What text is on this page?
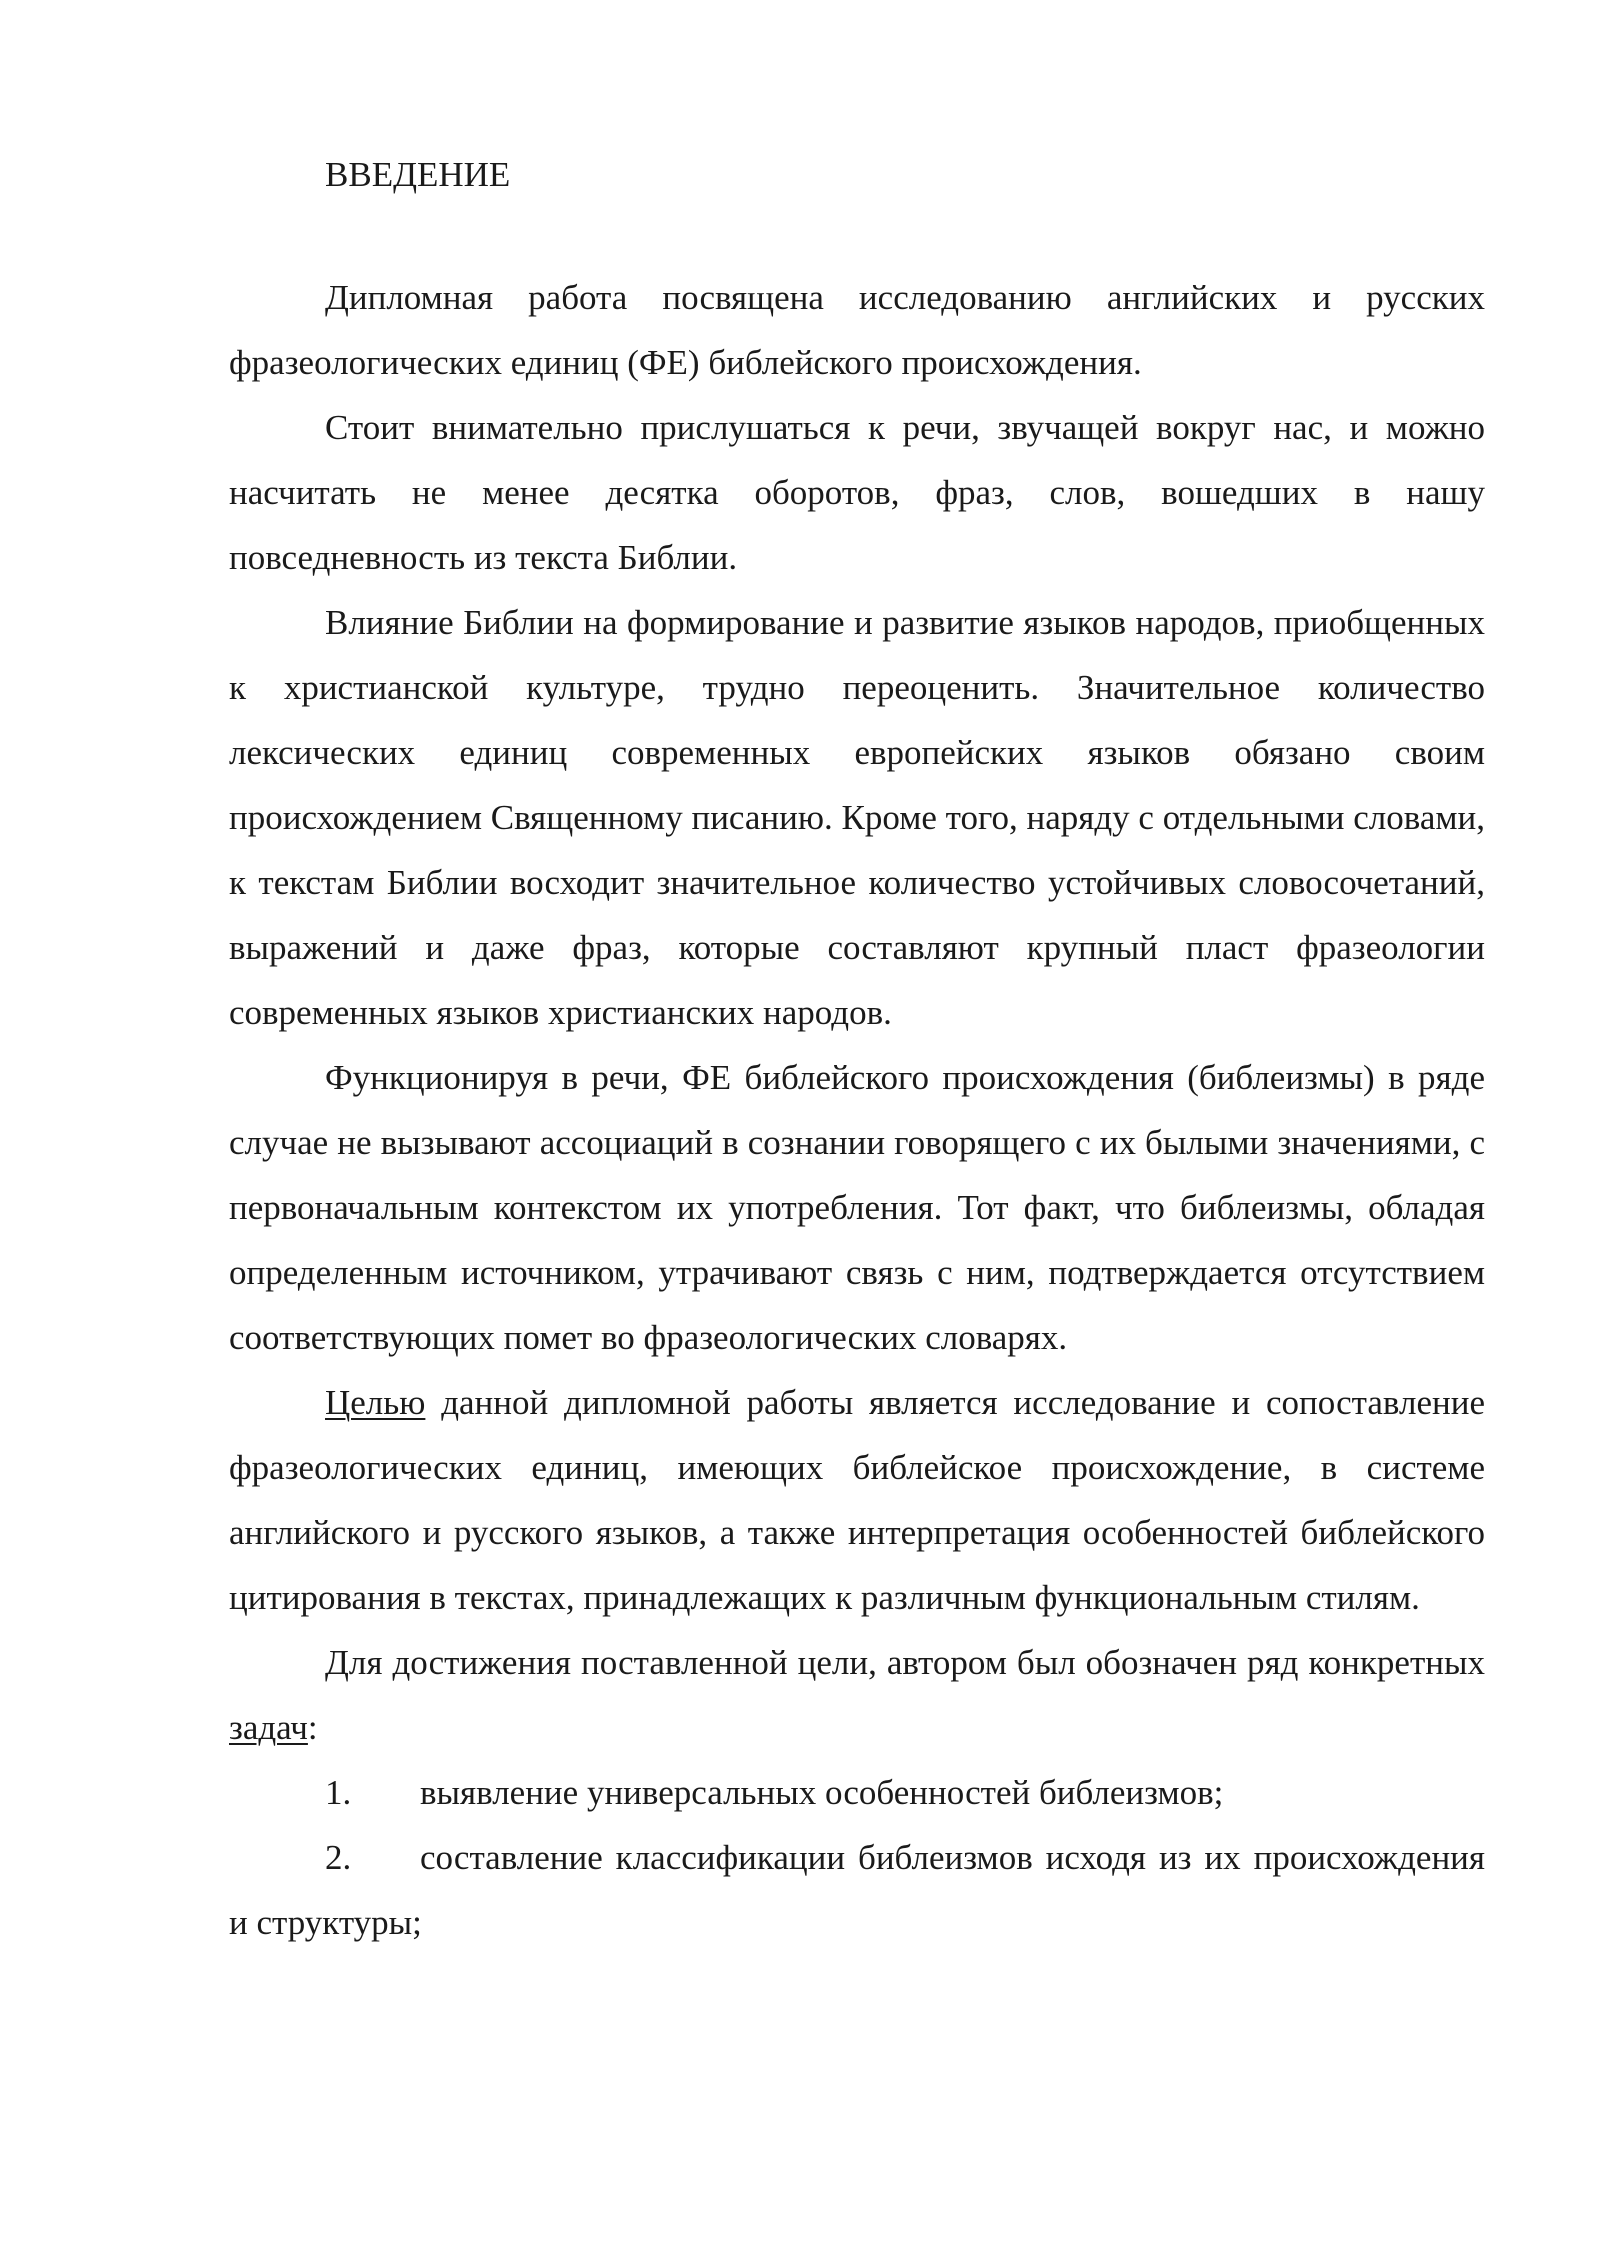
ВВЕДЕНИЕ

Дипломная работа посвящена исследованию английских и русских фразеологических единиц (ФЕ) библейского происхождения.

Стоит внимательно прислушаться к речи, звучащей вокруг нас, и можно насчитать не менее десятка оборотов, фраз, слов, вошедших в нашу повседневность из текста Библии.

Влияние Библии на формирование и развитие языков народов, приобщенных к христианской культуре, трудно переоценить. Значительное количество лексических единиц современных европейских языков обязано своим происхождением Священному писанию. Кроме того, наряду с отдельными словами, к текстам Библии восходит значительное количество устойчивых словосочетаний, выражений и даже фраз, которые составляют крупный пласт фразеологии современных языков христианских народов.

Функционируя в речи, ФЕ библейского происхождения (библеизмы) в ряде случае не вызывают ассоциаций в сознании говорящего с их былыми значениями, с первоначальным контекстом их употребления. Тот факт, что библеизмы, обладая определенным источником, утрачивают связь с ним, подтверждается отсутствием соответствующих помет во фразеологических словарях.

Целью данной дипломной работы является исследование и сопоставление фразеологических единиц, имеющих библейское происхождение, в системе английского и русского языков, а также интерпретация особенностей библейского цитирования в текстах, принадлежащих к различным функциональным стилям.

Для достижения поставленной цели, автором был обозначен ряд конкретных задач:

1. выявление универсальных особенностей библеизмов;

2. составление классификации библеизмов исходя из их происхождения и структуры;
